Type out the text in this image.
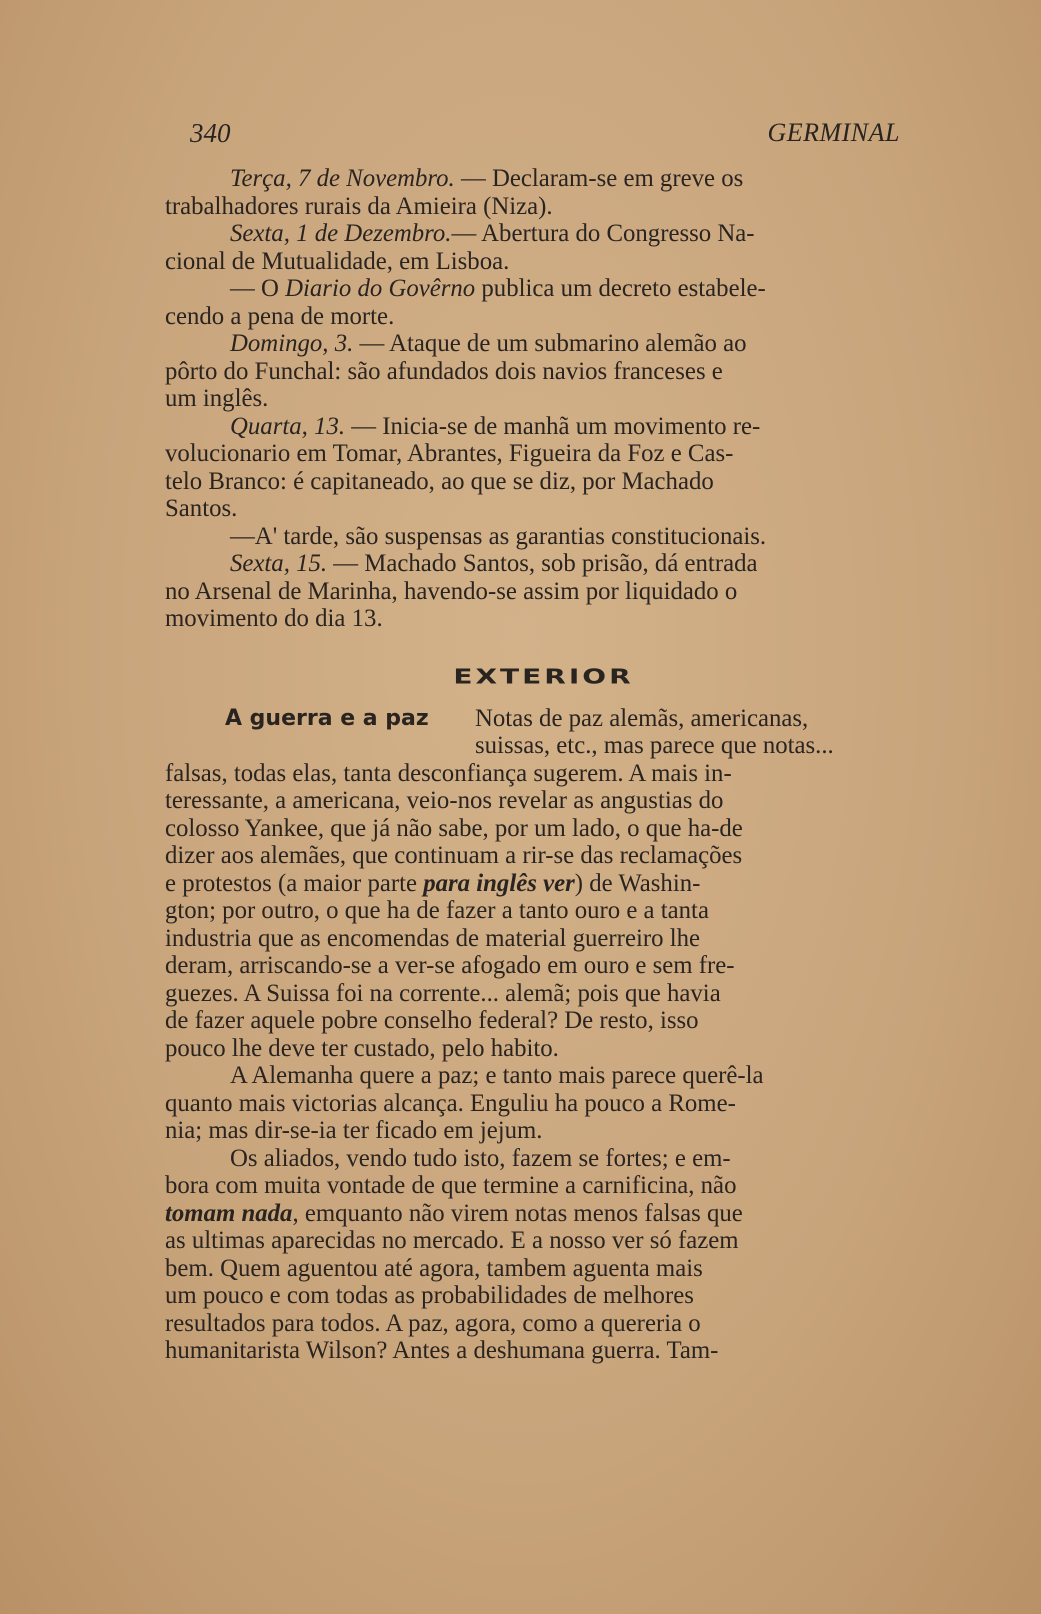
340	GERMINAL

Terça, 7 de Novembro. — Declaram-se em greve os
trabalhadores rurais da Amieira (Niza).

Sexta, 1 de Dezembro.— Abertura do Congresso Na-
cional de Mutualidade, em Lisboa.

— O Diario do Govêrno publica um decreto estabele-
cendo a pena de morte.

Domingo, 3. — Ataque de um submarino alemão ao
pôrto do Funchal: são afundados dois navios franceses e
um inglês.

Quarta, 13. — Inicia-se de manhã um movimento re-
volucionario em Tomar, Abrantes, Figueira da Foz e Cas-
telo Branco: é capitaneado, ao que se diz, por Machado
Santos.

—A' tarde, são suspensas as garantias constitucionais.

Sexta, 15. — Machado Santos, sob prisão, dá entrada
no Arsenal de Marinha, havendo-se assim por liquidado o
movimento do dia 13.

EXTERIOR
A guerra e a paz Notas de paz alemãs, americanas,
suissas, etc., mas parece que notas...

falsas, todas elas, tanta desconfiança sugerem. A mais in-
teressante, a americana, veio-nos revelar as angustias do
colosso Yankee, que já não sabe, por um lado, o que ha-de
dizer aos alemães, que continuam a rir-se das reclamações
e protestos (a maior parte para inglês ver) de Washin-
gton; por outro, o que ha de fazer a tanto ouro e a tanta
industria que as encomendas de material guerreiro lhe
deram, arriscando-se a ver-se afogado em ouro e sem fre-
guezes. A Suissa foi na corrente... alemã; pois que havia
de fazer aquele pobre conselho federal? De resto, isso
pouco lhe deve ter custado, pelo habito.

A Alemanha quere a paz; e tanto mais parece querê-la
quanto mais victorias alcança. Enguliu ha pouco a Rome-
nia; mas dir-se-ia ter ficado em jejum.

Os aliados, vendo tudo isto, fazem se fortes; e em-
bora com muita vontade de que termine a carnificina, não
tomam nada, emquanto não virem notas menos falsas que
as ultimas aparecidas no mercado. E a nosso ver só fazem
bem. Quem aguentou até agora, tambem aguenta mais
um pouco e com todas as probabilidades de melhores
resultados para todos. A paz, agora, como a quereria o
humanitarista Wilson? Antes a deshumana guerra. Tam-
